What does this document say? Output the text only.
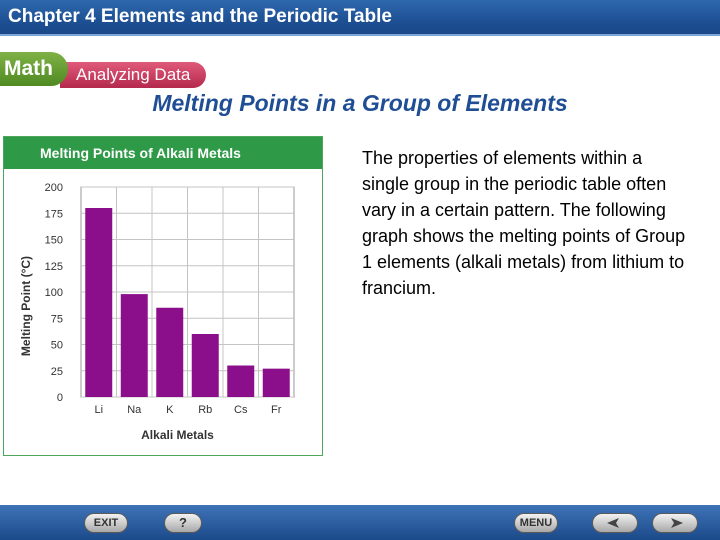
Chapter 4 Elements and the Periodic Table
Analyzing Data
Math
Melting Points in a Group of Elements
Melting Points of Alkali Metals
0
25
50
75
100
125
150
175
200
Li Na K Rb Cs Fr
Alkali Metals
Melting Point (°C)
The properties of elements within a single group in the periodic table often vary in a certain pattern. The following graph shows the melting points of Group 1 elements (alkali metals) from lithium to francium.
EXIT	?	MENU
